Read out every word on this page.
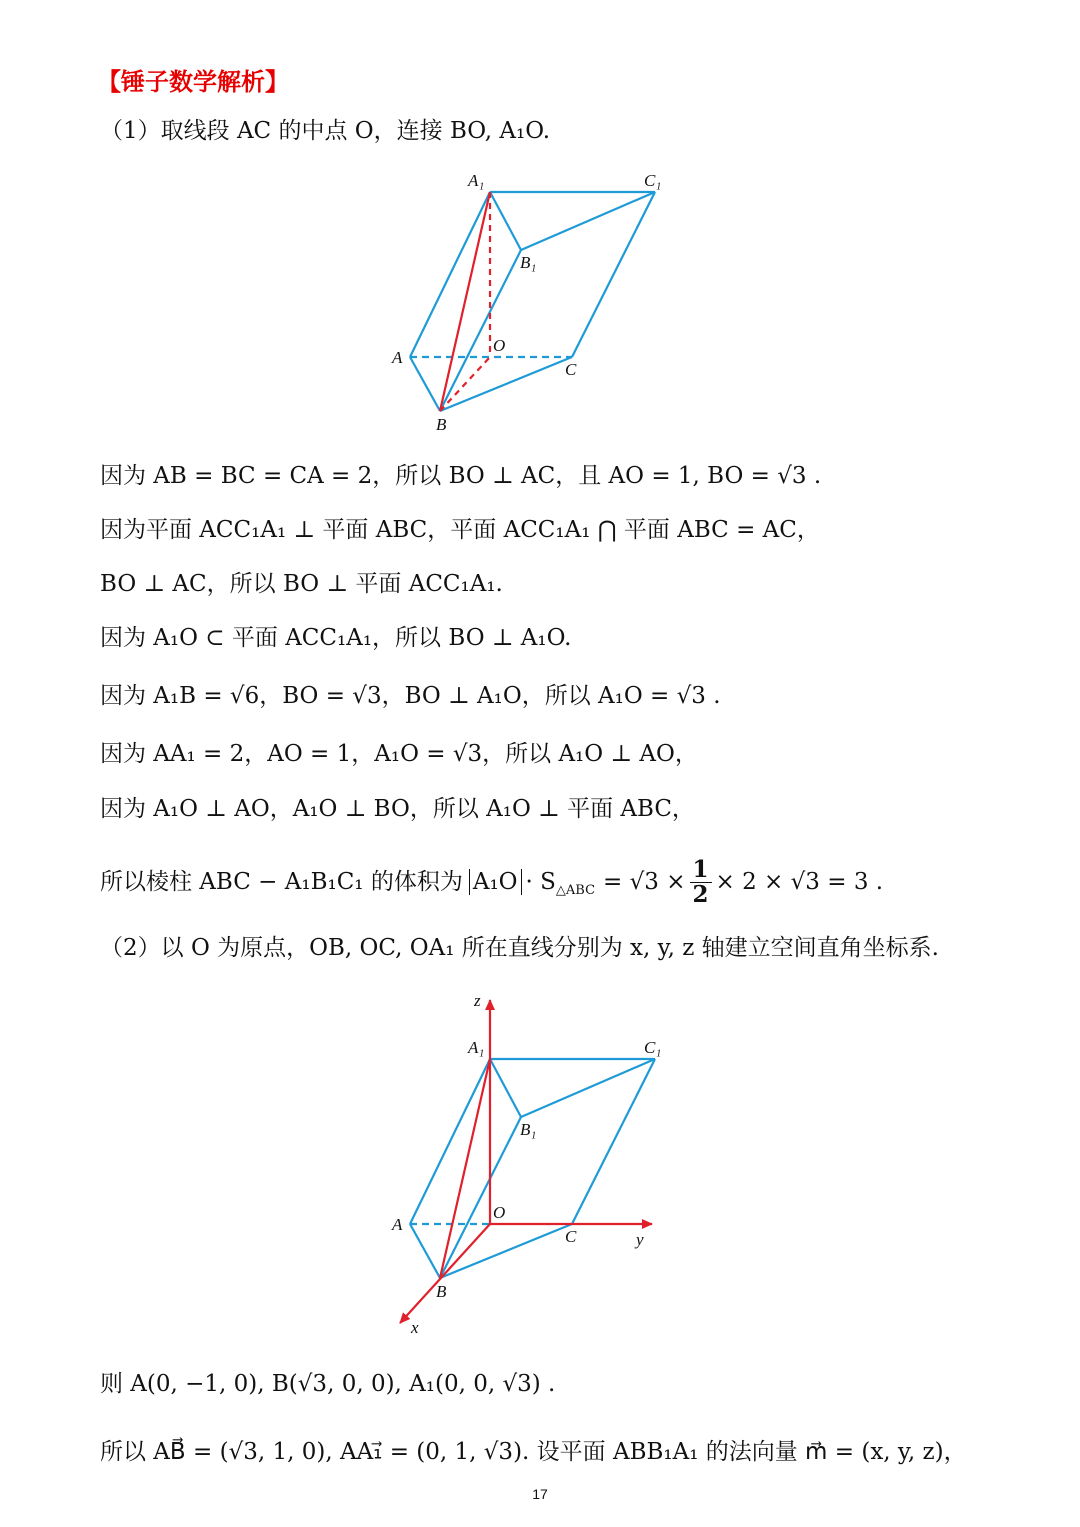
【锤子数学解析】
（1）取线段 AC 的中点 O，连接 BO, A₁O.
A₁	C₁
B₁
O
A
C
B
因为 AB = BC = CA = 2，所以 BO ⊥ AC，且 AO = 1, BO = √3 .
因为平面 ACC₁A₁ ⊥ 平面 ABC，平面 ACC₁A₁ ⋂ 平面 ABC = AC，
BO ⊥ AC，所以 BO ⊥ 平面 ACC₁A₁.
因为 A₁O ⊂ 平面 ACC₁A₁，所以 BO ⊥ A₁O.
因为 A₁B = √6，BO = √3，BO ⊥ A₁O，所以 A₁O = √3 .
因为 AA₁ = 2，AO = 1，A₁O = √3，所以 A₁O ⊥ AO，
因为 A₁O ⊥ AO，A₁O ⊥ BO，所以 A₁O ⊥ 平面 ABC，
所以棱柱 ABC − A₁B₁C₁ 的体积为 A₁O · S △ABC = $√3 \times \frac{1}{2} \times 2 \times √3 = 3$ .
（2）以 O 为原点，OB, OC, OA₁ 所在直线分别为 x, y, z 轴建立空间直角坐标系.
z
A₁	C₁
B₁
O
A
C	y
B
x
则 A(0, −1, 0), B(√3, 0, 0), A₁(0, 0, √3) .
所以 AB⃗ = (√3, 1, 0), AA₁⃗ = (0, 1, √3). 设平面 ABB₁A₁ 的法向量 m⃗ = (x, y, z)，
17
